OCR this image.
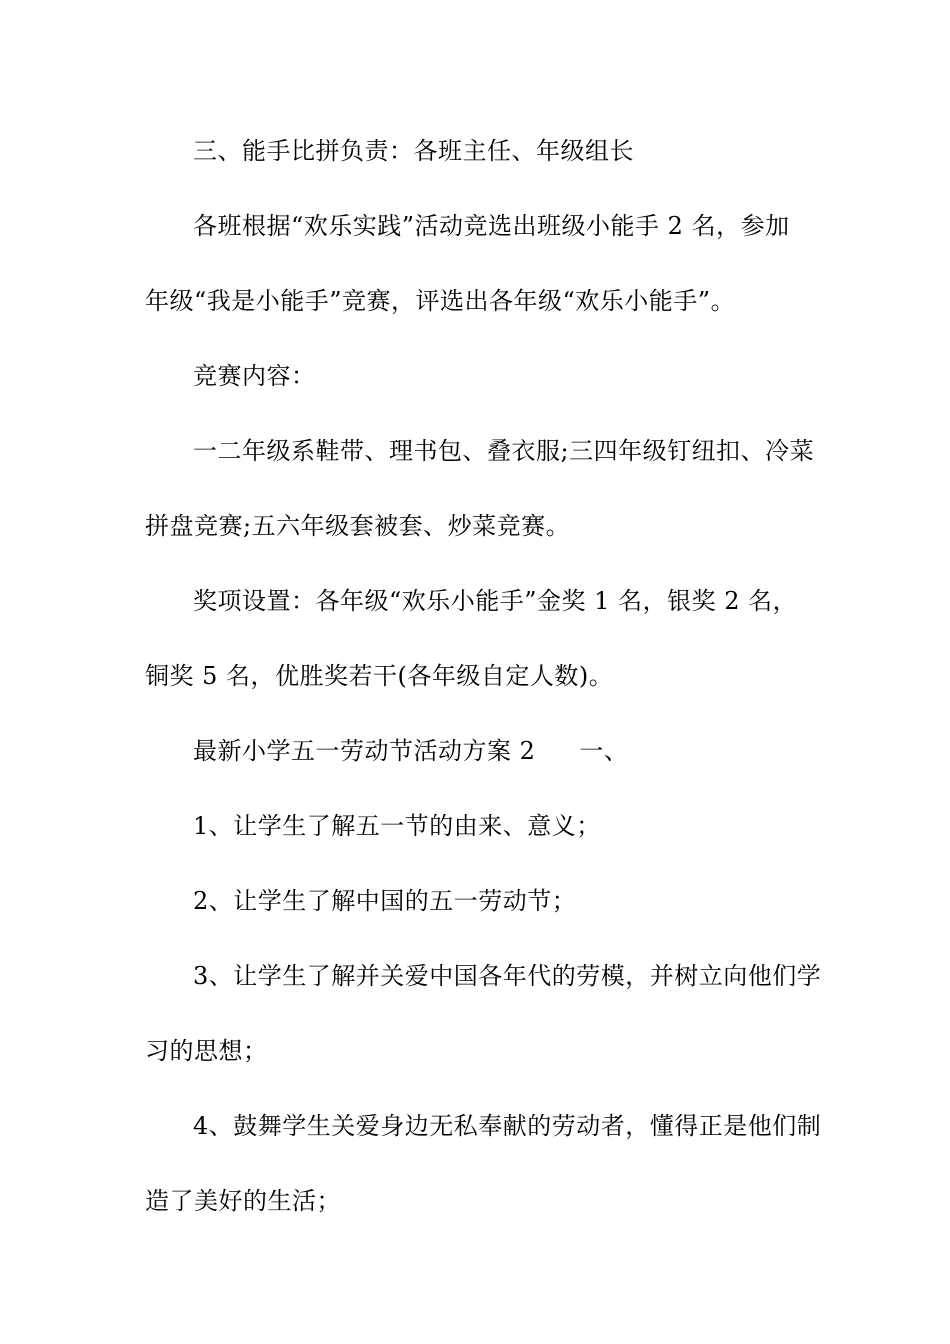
三、能手比拼负责：各班主任、年级组长
各班根据“欢乐实践”活动竞选出班级小能手 2 名，参加
年级“我是小能手”竞赛，评选出各年级“欢乐小能手”。
竞赛内容：
一二年级系鞋带、理书包、叠衣服;三四年级钉纽扣、冷菜
拼盘竞赛;五六年级套被套、炒菜竞赛。
奖项设置：各年级“欢乐小能手”金奖 1 名，银奖 2 名，
铜奖 5 名，优胜奖若干(各年级自定人数)。
最新小学五一劳动节活动方案 2 一、
1、让学生了解五一节的由来、意义；
2、让学生了解中国的五一劳动节；
3、让学生了解并关爱中国各年代的劳模，并树立向他们学
习的思想；
4、鼓舞学生关爱身边无私奉献的劳动者，懂得正是他们制
造了美好的生活；
